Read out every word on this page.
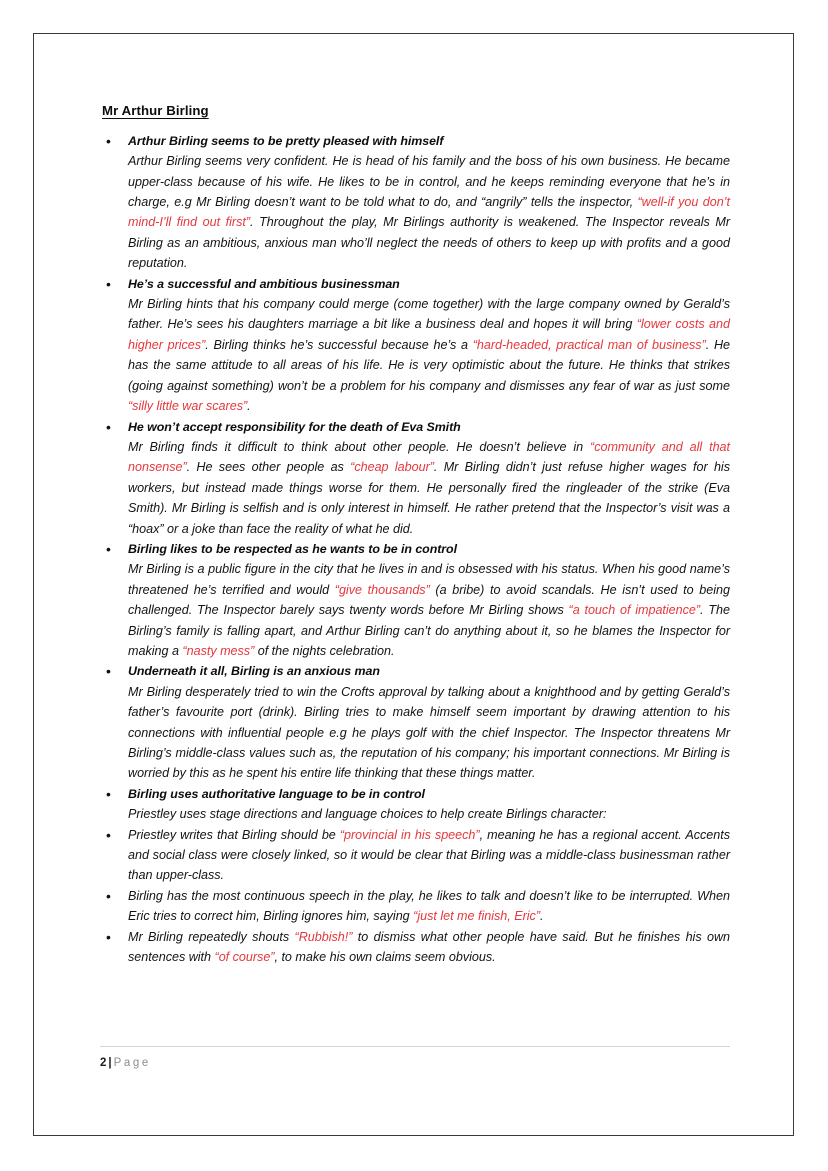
Mr Arthur Birling
• Arthur Birling seems to be pretty pleased with himself

Arthur Birling seems very confident. He is head of his family and the boss of his own business. He became upper-class because of his wife. He likes to be in control, and he keeps reminding everyone that he’s in charge, e.g Mr Birling doesn’t want to be told what to do, and “angrily” tells the inspector, “well-if you don’t mind-I’ll find out first”. Throughout the play, Mr Birlings authority is weakened. The Inspector reveals Mr Birling as an ambitious, anxious man who’ll neglect the needs of others to keep up with profits and a good reputation.

• He’s a successful and ambitious businessman

Mr Birling hints that his company could merge (come together) with the large company owned by Gerald’s father. He’s sees his daughters marriage a bit like a business deal and hopes it will bring “lower costs and higher prices”. Birling thinks he’s successful because he’s a “hard-headed, practical man of business”. He has the same attitude to all areas of his life. He is very optimistic about the future. He thinks that strikes (going against something) won’t be a problem for his company and dismisses any fear of war as just some “silly little war scares”.

• He won’t accept responsibility for the death of Eva Smith

Mr Birling finds it difficult to think about other people. He doesn’t believe in “community and all that nonsense”. He sees other people as “cheap labour”. Mr Birling didn’t just refuse higher wages for his workers, but instead made things worse for them. He personally fired the ringleader of the strike (Eva Smith). Mr Birling is selfish and is only interest in himself. He rather pretend that the Inspector’s visit was a “hoax” or a joke than face the reality of what he did.

• Birling likes to be respected as he wants to be in control

Mr Birling is a public figure in the city that he lives in and is obsessed with his status. When his good name’s threatened he’s terrified and would “give thousands” (a bribe) to avoid scandals. He isn’t used to being challenged. The Inspector barely says twenty words before Mr Birling shows “a touch of impatience”. The Birling’s family is falling apart, and Arthur Birling can’t do anything about it, so he blames the Inspector for making a “nasty mess” of the nights celebration.

• Underneath it all, Birling is an anxious man

Mr Birling desperately tried to win the Crofts approval by talking about a knighthood and by getting Gerald’s father’s favourite port (drink). Birling tries to make himself seem important by drawing attention to his connections with influential people e.g he plays golf with the chief Inspector. The Inspector threatens Mr Birling’s middle-class values such as, the reputation of his company; his important connections. Mr Birling is worried by this as he spent his entire life thinking that these things matter.

• Birling uses authoritative language to be in control

Priestley uses stage directions and language choices to help create Birlings character:

• Priestley writes that Birling should be “provincial in his speech”, meaning he has a regional accent. Accents and social class were closely linked, so it would be clear that Birling was a middle-class businessman rather than upper-class.

• Birling has the most continuous speech in the play, he likes to talk and doesn’t like to be interrupted. When Eric tries to correct him, Birling ignores him, saying “just let me finish, Eric”.

• Mr Birling repeatedly shouts “Rubbish!” to dismiss what other people have said. But he finishes his own sentences with “of course”, to make his own claims seem obvious.

2 | Page
